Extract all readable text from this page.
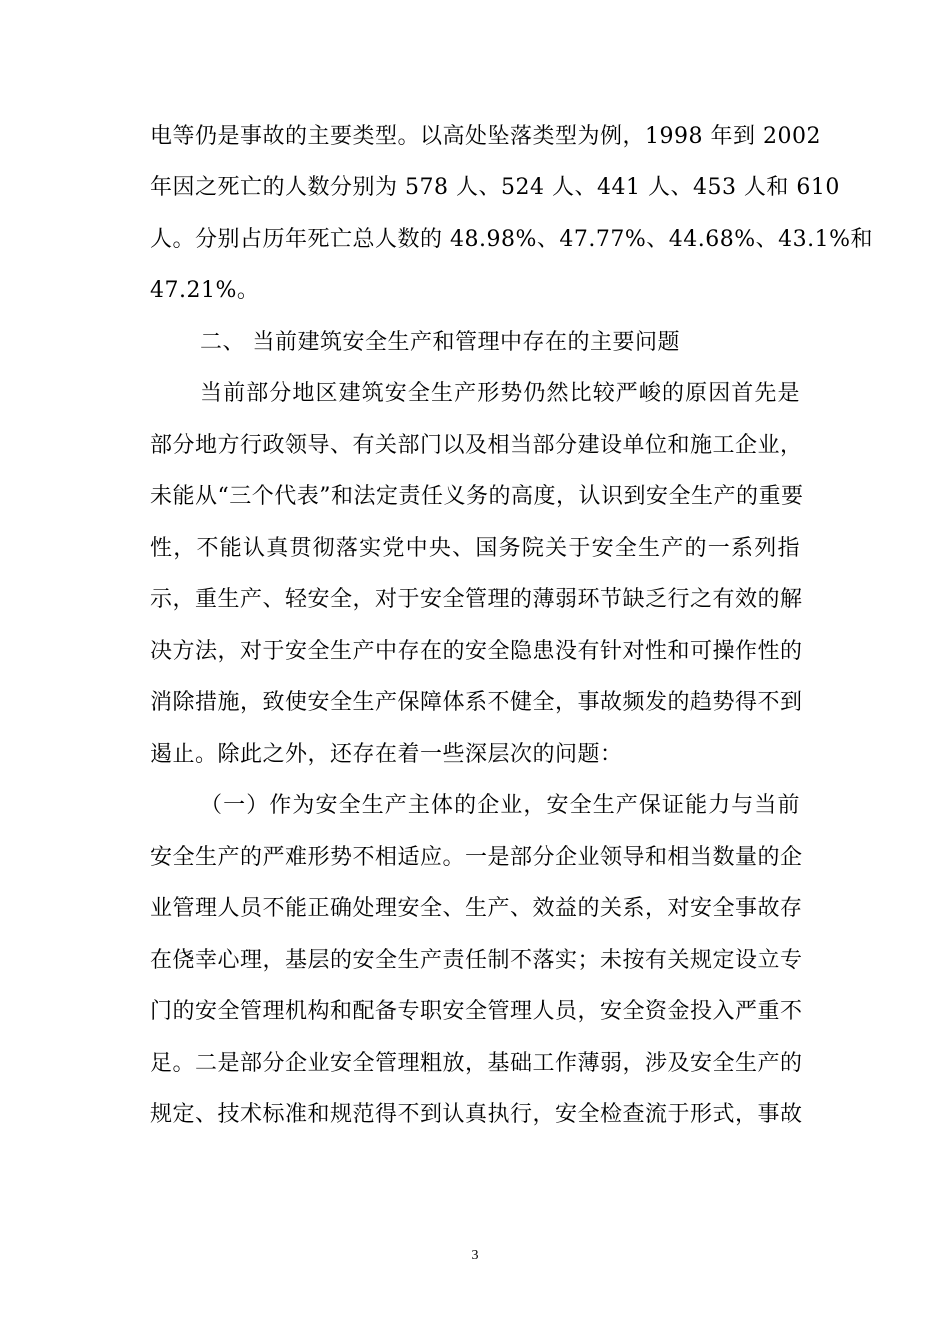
电等仍是事故的主要类型。以高处坠落类型为例，1998 年到 2002
年因之死亡的人数分别为 578 人、524 人、441 人、453 人和 610
人。分别占历年死亡总人数的 48.98%、47.77%、44.68%、43.1%和
47.21%。
二、 当前建筑安全生产和管理中存在的主要问题
当前部分地区建筑安全生产形势仍然比较严峻的原因首先是
部分地方行政领导、有关部门以及相当部分建设单位和施工企业，
未能从“三个代表”和法定责任义务的高度，认识到安全生产的重要
性，不能认真贯彻落实党中央、国务院关于安全生产的一系列指
示，重生产、轻安全，对于安全管理的薄弱环节缺乏行之有效的解
决方法，对于安全生产中存在的安全隐患没有针对性和可操作性的
消除措施，致使安全生产保障体系不健全，事故频发的趋势得不到
遏止。除此之外，还存在着一些深层次的问题：
（一）作为安全生产主体的企业，安全生产保证能力与当前
安全生产的严难形势不相适应。一是部分企业领导和相当数量的企
业管理人员不能正确处理安全、生产、效益的关系，对安全事故存
在侥幸心理，基层的安全生产责任制不落实；未按有关规定设立专
门的安全管理机构和配备专职安全管理人员，安全资金投入严重不
足。二是部分企业安全管理粗放，基础工作薄弱，涉及安全生产的
规定、技术标准和规范得不到认真执行，安全检查流于形式，事故
3
